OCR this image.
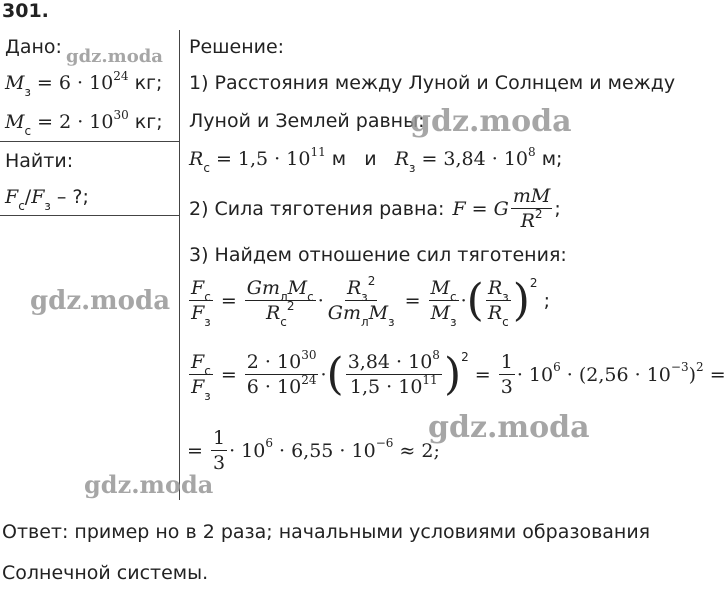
301.
Дано:
$M_з = 6 \cdot 10^{24}$ кг;
$M_с = 2 \cdot 10^{30}$ кг;
Найти:
$F_с/F_з$ – ?;
Решение:
1) Расстояния между Луной и Солнцем и между
Луной и Землей равны:
$R_с = 1,5 \cdot 10^{11}$ м   и   $R_з = 3,84 \cdot 10^8$ м;
2) Сила тяготения равна: F = G $\frac{mM}{R^2}$ ;
3) Найдем отношение сил тяготения:
$\frac{F_с}{F_з} = \frac{Gm_лM_с}{R_с^2} \cdot \frac{R_з^2}{Gm_лM_з} = \frac{M_с}{M_з}$ · ( $\frac{R_з}{R_с}$ ) 2
;
$\frac{F_с}{F_з} = \frac{2 \cdot 10^{30}}{6 \cdot 10^{24}}$ · ( $\frac{3,84 \cdot 10^8}{1,5 \cdot 10^{11}}$ ) 2
= $\frac{1}{3} \cdot 10^6 \cdot (2,56 \cdot 10^{-3})^2$ =
= $\frac{1}{3} \cdot 10^6 \cdot 6,55 \cdot 10^{-6} \approx 2$;
Ответ: пример но в 2 раза; начальными условиями образования
Солнечной системы.
gdz.moda
gdz.moda
gdz.moda
gdz.moda
gdz.moda
